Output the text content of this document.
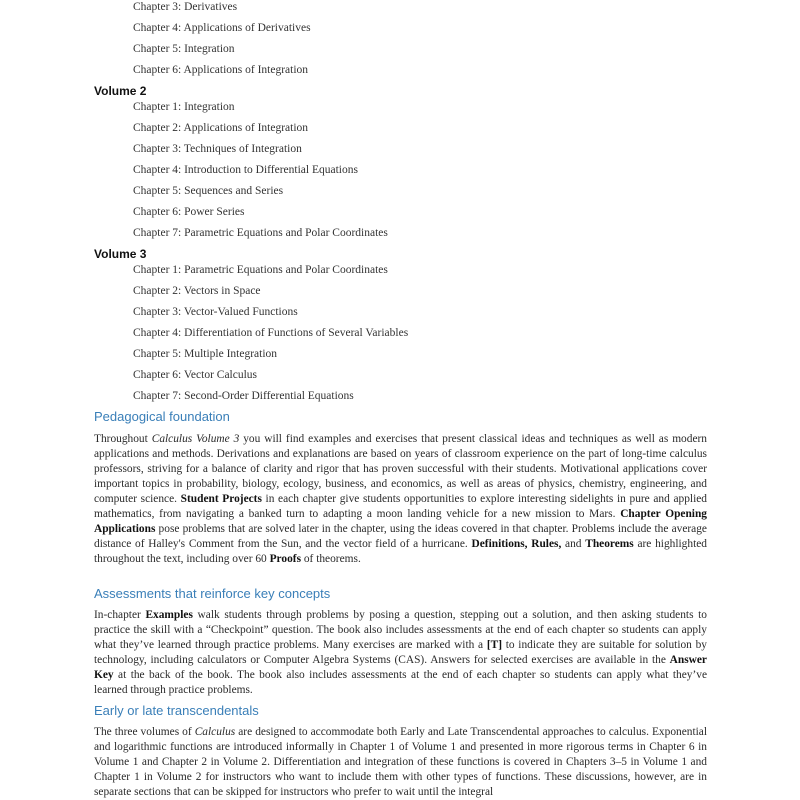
Chapter 3: Derivatives
Chapter 4: Applications of Derivatives
Chapter 5: Integration
Chapter 6: Applications of Integration
Volume 2
Chapter 1: Integration
Chapter 2: Applications of Integration
Chapter 3: Techniques of Integration
Chapter 4: Introduction to Differential Equations
Chapter 5: Sequences and Series
Chapter 6: Power Series
Chapter 7: Parametric Equations and Polar Coordinates
Volume 3
Chapter 1: Parametric Equations and Polar Coordinates
Chapter 2: Vectors in Space
Chapter 3: Vector-Valued Functions
Chapter 4: Differentiation of Functions of Several Variables
Chapter 5: Multiple Integration
Chapter 6: Vector Calculus
Chapter 7: Second-Order Differential Equations
Pedagogical foundation
Throughout Calculus Volume 3 you will find examples and exercises that present classical ideas and techniques as well as modern applications and methods. Derivations and explanations are based on years of classroom experience on the part of long-time calculus professors, striving for a balance of clarity and rigor that has proven successful with their students. Motivational applications cover important topics in probability, biology, ecology, business, and economics, as well as areas of physics, chemistry, engineering, and computer science. Student Projects in each chapter give students opportunities to explore interesting sidelights in pure and applied mathematics, from navigating a banked turn to adapting a moon landing vehicle for a new mission to Mars. Chapter Opening Applications pose problems that are solved later in the chapter, using the ideas covered in that chapter. Problems include the average distance of Halley's Comment from the Sun, and the vector field of a hurricane. Definitions, Rules, and Theorems are highlighted throughout the text, including over 60 Proofs of theorems.
Assessments that reinforce key concepts
In-chapter Examples walk students through problems by posing a question, stepping out a solution, and then asking students to practice the skill with a “Checkpoint” question. The book also includes assessments at the end of each chapter so students can apply what they’ve learned through practice problems. Many exercises are marked with a [T] to indicate they are suitable for solution by technology, including calculators or Computer Algebra Systems (CAS). Answers for selected exercises are available in the Answer Key at the back of the book. The book also includes assessments at the end of each chapter so students can apply what they’ve learned through practice problems.
Early or late transcendentals
The three volumes of Calculus are designed to accommodate both Early and Late Transcendental approaches to calculus. Exponential and logarithmic functions are introduced informally in Chapter 1 of Volume 1 and presented in more rigorous terms in Chapter 6 in Volume 1 and Chapter 2 in Volume 2. Differentiation and integration of these functions is covered in Chapters 3–5 in Volume 1 and Chapter 1 in Volume 2 for instructors who want to include them with other types of functions. These discussions, however, are in separate sections that can be skipped for instructors who prefer to wait until the integral
